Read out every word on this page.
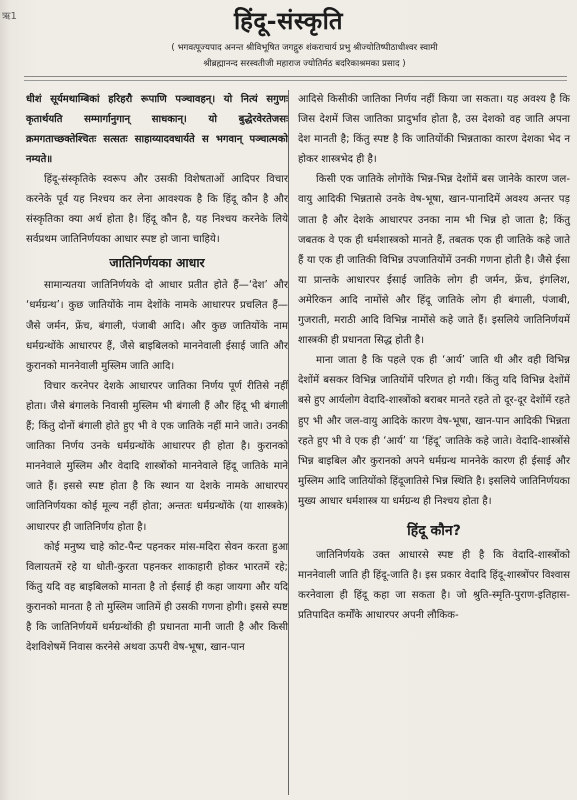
ऋ1	हिंदू-संस्कृति
( भगवत्पूज्यपाद अनन्त श्रीविभूषित जगद्गुरु शंकराचार्य प्रभु श्रीज्योतिष्पीठाधीश्वर स्वामी
श्रीब्रह्मानन्द सरस्वतीजी महाराज ज्योतिर्मठ बदरिकाश्रमका प्रसाद )

धीशं सूर्यमथाम्बिकां हरिहरौ रूपाणि पञ्चावहन्। यो नित्यं सगुणः कृतार्थयति सम्मार्गानुगान् साधकान्। यो बुद्धेरवेरतेजसः क्रमगताच्छक्तेश्चितः सत्सतः साहाय्यादवधार्यते स भगवान् पञ्चात्मको नम्यते॥

हिंदू-संस्कृतिके स्वरूप और उसकी विशेषताओं आदिपर विचार करनेके पूर्व यह निश्चय कर लेना आवश्यक है कि हिंदू कौन है और संस्कृतिका क्या अर्थ होता है। हिंदू कौन है, यह निश्चय करनेके लिये सर्वप्रथम जातिनिर्णयका आधार स्पष्ट हो जाना चाहिये।

जातिनिर्णयका आधार

सामान्यतया जातिनिर्णयके दो आधार प्रतीत होते हैं—‘देश’ और ‘धर्मग्रन्थ’। कुछ जातियोंके नाम देशोंके नामके आधारपर प्रचलित हैं—जैसे जर्मन, फ्रेंच, बंगाली, पंजाबी आदि। और कुछ जातियोंके नाम धर्मग्रन्थोंके आधारपर हैं, जैसे बाइबिलको माननेवाली ईसाई जाति और कुरानको माननेवाली मुस्लिम जाति आदि।

विचार करनेपर देशके आधारपर जातिका निर्णय पूर्ण रीतिसे नहीं होता। जैसे बंगालके निवासी मुस्लिम भी बंगाली हैं और हिंदू भी बंगाली हैं; किंतु दोनों बंगाली होते हुए भी वे एक जातिके नहीं माने जाते। उनकी जातिका निर्णय उनके धर्मग्रन्थोंके आधारपर ही होता है। कुरानको माननेवाले मुस्लिम और वेदादि शास्त्रोंको माननेवाले हिंदू जातिके माने जाते हैं। इससे स्पष्ट होता है कि स्थान या देशके नामके आधारपर जातिनिर्णयका कोई मूल्य नहीं होता; अन्ततः धर्मग्रन्थोंके (या शास्त्रके) आधारपर ही जातिनिर्णय होता है।

कोई मनुष्य चाहे कोट-पैन्ट पहनकर मांस-मदिरा सेवन करता हुआ विलायतमें रहे या धोती-कुरता पहनकर शाकाहारी होकर भारतमें रहे; किंतु यदि वह बाइबिलको मानता है तो ईसाई ही कहा जायगा और यदि कुरानको मानता है तो मुस्लिम जातिमें ही उसकी गणना होगी। इससे स्पष्ट है कि जातिनिर्णयमें धर्मग्रन्थोंकी ही प्रधानता मानी जाती है और किसी देशविशेषमें निवास करनेसे अथवा ऊपरी वेष-भूषा, खान-पान

आदिसे किसीकी जातिका निर्णय नहीं किया जा सकता। यह अवश्य है कि जिस देशमें जिस जातिका प्रादुर्भाव होता है, उस देशको वह जाति अपना देश मानती है; किंतु स्पष्ट है कि जातियोंकी भिन्नताका कारण देशका भेद न होकर शास्त्रभेद ही है।

किसी एक जातिके लोगोंके भिन्न-भिन्न देशोंमें बस जानेके कारण जल-वायु आदिकी भिन्नतासे उनके वेष-भूषा, खान-पानादिमें अवश्य अन्तर पड़ जाता है और देशके आधारपर उनका नाम भी भिन्न हो जाता है; किंतु जबतक वे एक ही धर्मशास्त्रको मानते हैं, तबतक एक ही जातिके कहे जाते हैं या एक ही जातिकी विभिन्न उपजातियोंमें उनकी गणना होती है। जैसे ईसा या प्रान्तके आधारपर ईसाई जातिके लोग ही जर्मन, फ्रेंच, इंगलिश, अमेरिकन आदि नामोंसे और हिंदू जातिके लोग ही बंगाली, पंजाबी, गुजराती, मराठी आदि विभिन्न नामोंसे कहे जाते हैं। इसलिये जातिनिर्णयमें शास्त्रकी ही प्रधानता सिद्ध होती है।

माना जाता है कि पहले एक ही ‘आर्य’ जाति थी और वही विभिन्न देशोंमें बसकर विभिन्न जातियोंमें परिणत हो गयी। किंतु यदि विभिन्न देशोंमें बसे हुए आर्यलोग वेदादि-शास्त्रोंको बराबर मानते रहते तो दूर-दूर देशोंमें रहते हुए भी और जल-वायु आदिके कारण वेष-भूषा, खान-पान आदिकी भिन्नता रहते हुए भी वे एक ही ‘आर्य’ या ‘हिंदू’ जातिके कहे जाते। वेदादि-शास्त्रोंसे भिन्न बाइबिल और कुरानको अपने धर्मग्रन्थ माननेके कारण ही ईसाई और मुस्लिम आदि जातियोंको हिंदूजातिसे भिन्न स्थिति है। इसलिये जातिनिर्णयका मुख्य आधार धर्मशास्त्र या धर्मग्रन्थ ही निश्चय होता है।

हिंदू कौन?

जातिनिर्णयके उक्त आधारसे स्पष्ट ही है कि वेदादि-शास्त्रोंको माननेवाली जाति ही हिंदू-जाति है। इस प्रकार वेदादि हिंदू-शास्त्रोंपर विश्वास करनेवाला ही हिंदू कहा जा सकता है। जो श्रुति-स्मृति-पुराण-इतिहास-प्रतिपादित कर्मोंके आधारपर अपनी लौकिक-
